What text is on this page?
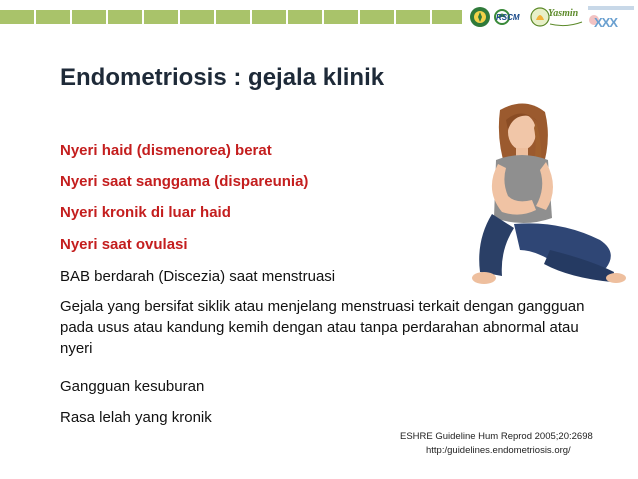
RSCM	Yasmin
XXX
Endometriosis : gejala klinik

Nyeri haid (dismenorea) berat

Nyeri saat sanggama (dispareunia)

Nyeri kronik di luar haid

Nyeri saat ovulasi

BAB berdarah (Discezia) saat menstruasi

Gejala yang bersifat siklik atau menjelang menstruasi terkait dengan gangguan pada usus atau kandung kemih dengan atau tanpa perdarahan abnormal atau nyeri

Gangguan kesuburan

Rasa lelah yang kronik

ESHRE Guideline Hum Reprod 2005;20:2698
http:/guidelines.endometriosis.org/
